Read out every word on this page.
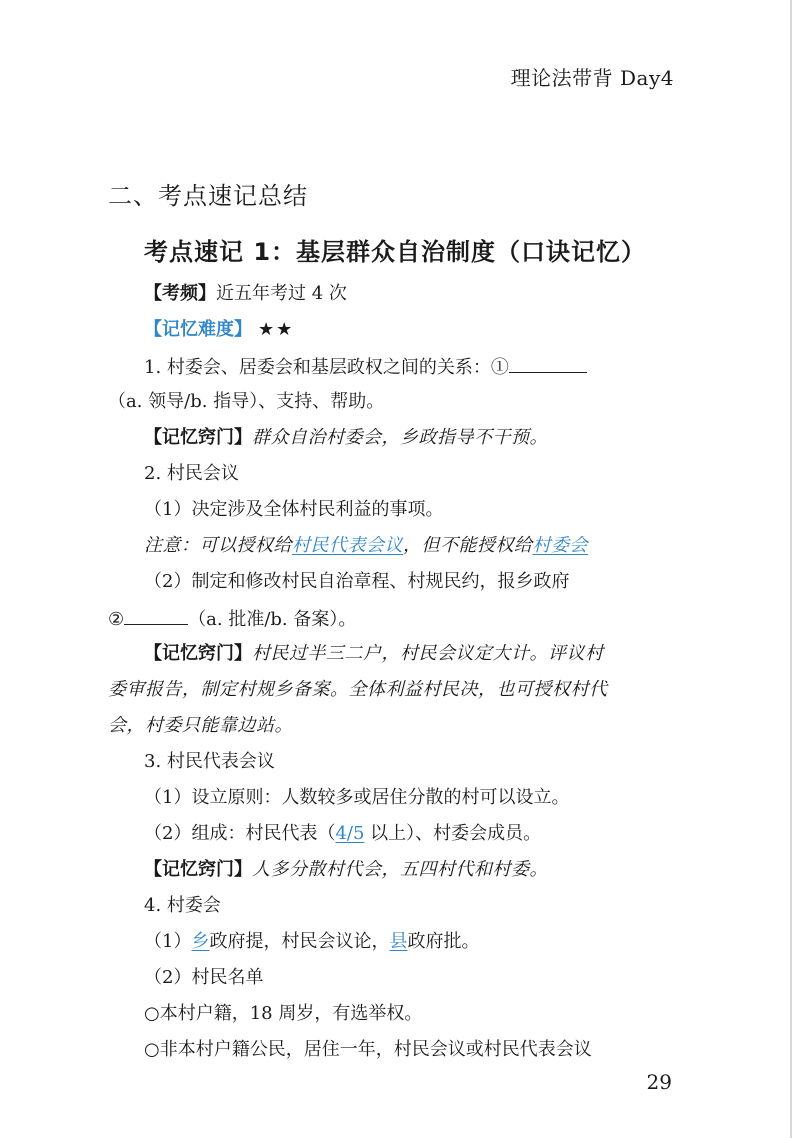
理论法带背 Day4
二、考点速记总结
考点速记 1：基层群众自治制度（口诀记忆）
【考频】近五年考过 4 次
【记忆难度】 ★★
1. 村委会、居委会和基层政权之间的关系：①
（a. 领导/b. 指导）、支持、帮助。
【记忆窍门】群众自治村委会，乡政指导不干预。
2. 村民会议
（1）决定涉及全体村民利益的事项。
注意：可以授权给村民代表会议，但不能授权给村委会
（2）制定和修改村民自治章程、村规民约，报乡政府
②	（a. 批准/b. 备案）。
【记忆窍门】村民过半三二户，村民会议定大计。评议村
委审报告，制定村规乡备案。全体利益村民决，也可授权村代
会，村委只能靠边站。
3. 村民代表会议
（1）设立原则：人数较多或居住分散的村可以设立。
（2）组成：村民代表（4/5 以上）、村委会成员。
【记忆窍门】人多分散村代会，五四村代和村委。
4. 村委会
（1）乡政府提，村民会议论，县政府批。
（2）村民名单
○本村户籍，18 周岁，有选举权。
○非本村户籍公民，居住一年，村民会议或村民代表会议
29
